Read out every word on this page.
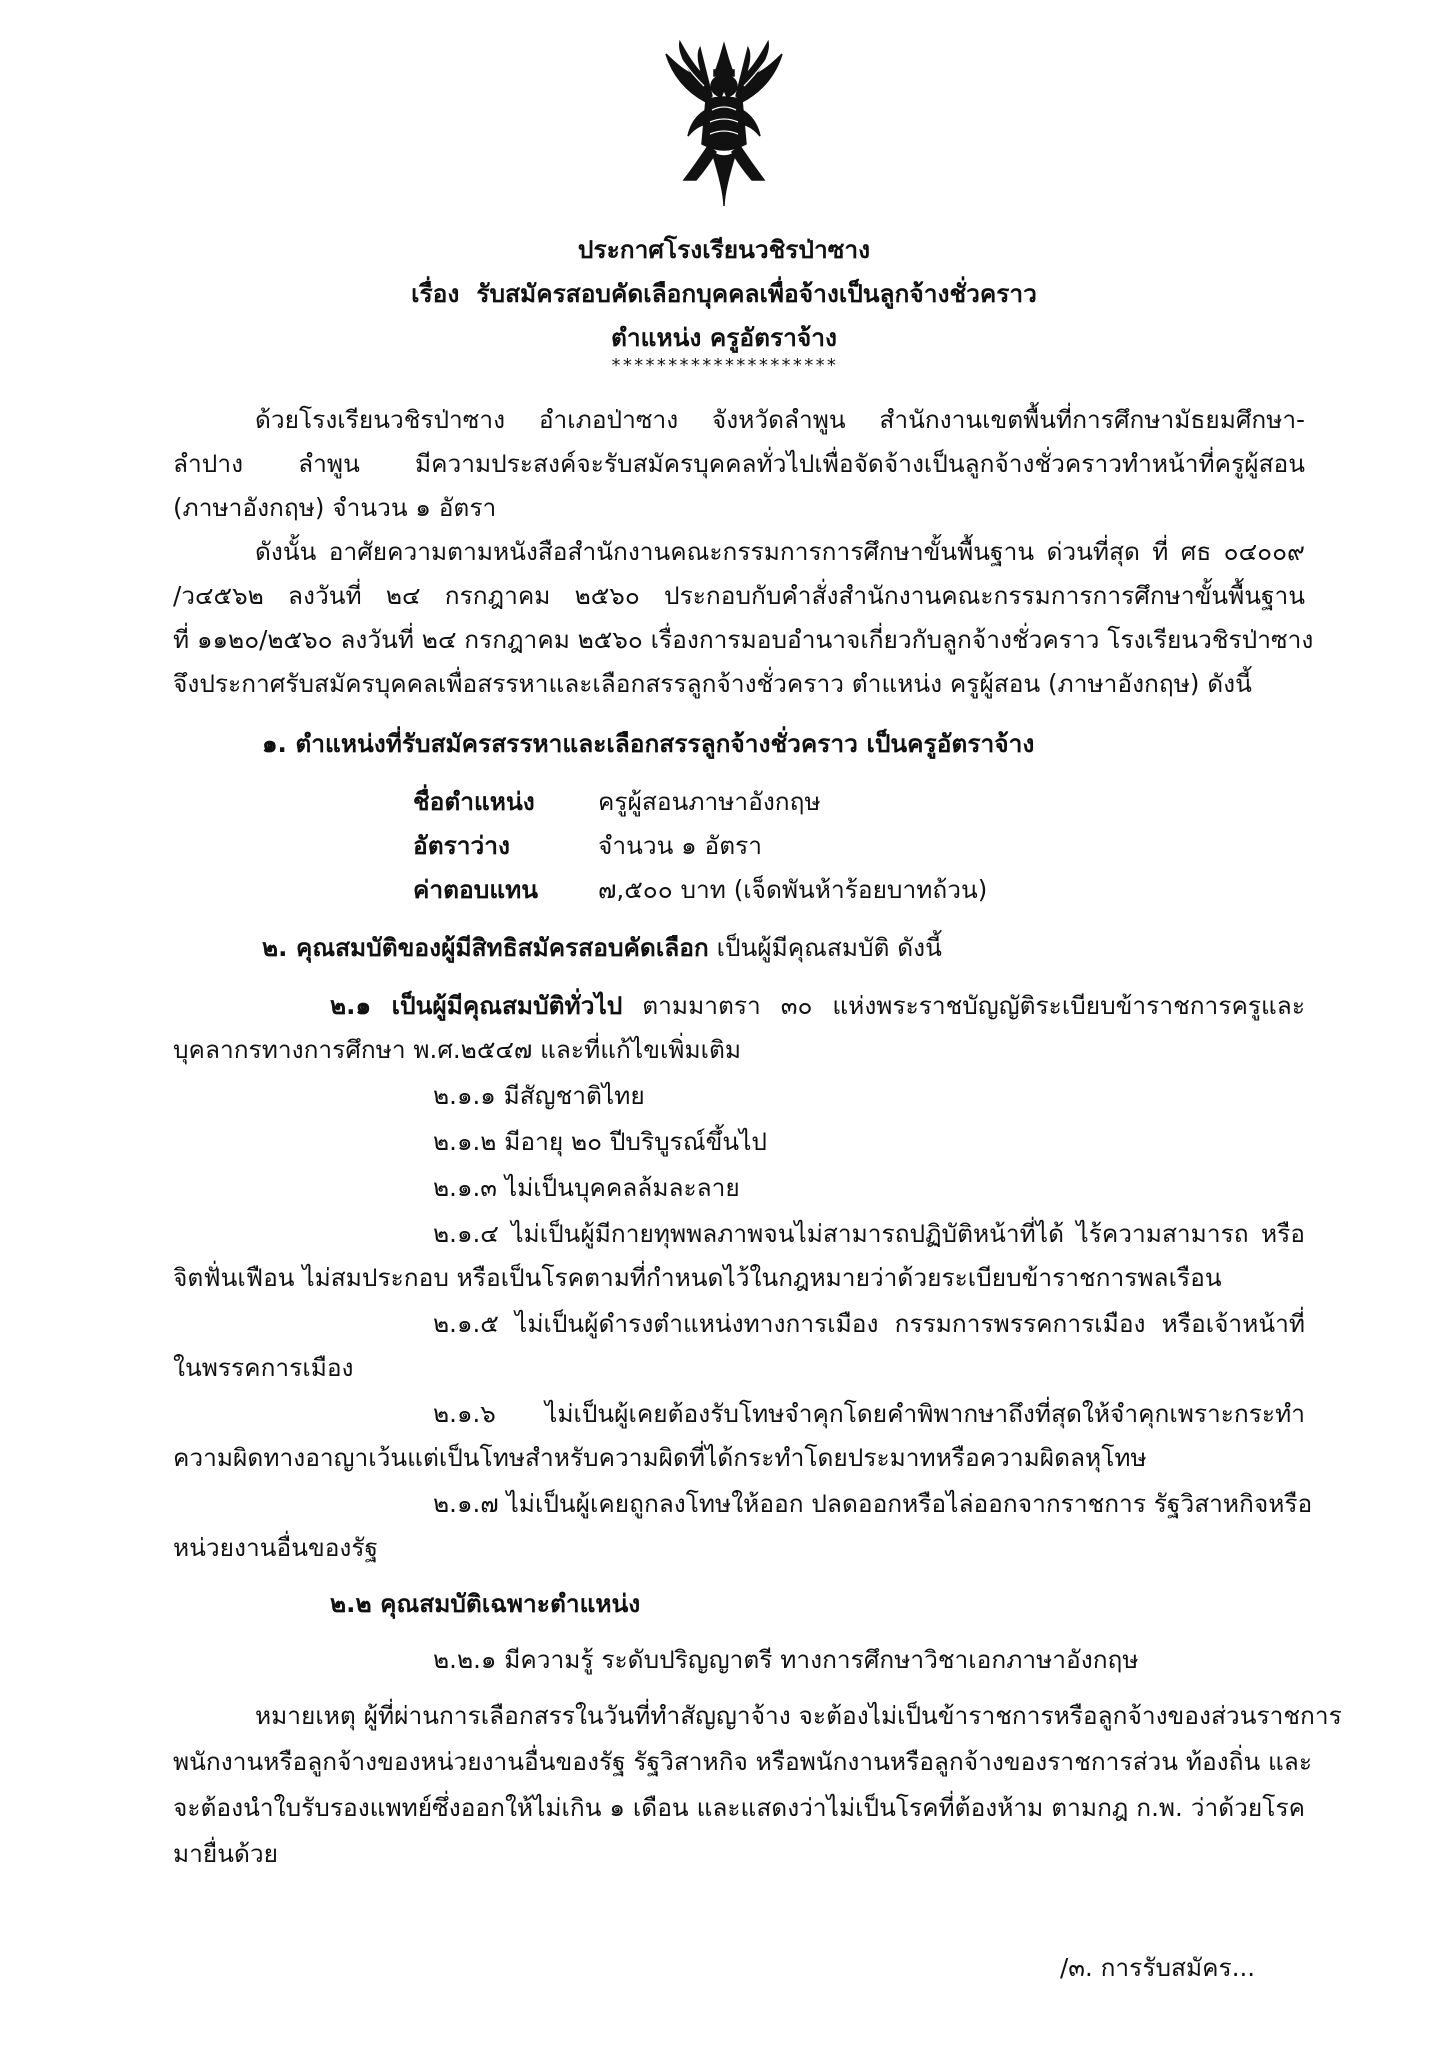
ประกาศโรงเรียนวชิรป่าซาง
เรื่อง รับสมัครสอบคัดเลือกบุคคลเพื่อจ้างเป็นลูกจ้างชั่วคราว
ตำแหน่ง ครูอัตราจ้าง
********************
ด้วยโรงเรียนวชิรป่าซาง อำเภอป่าซาง จังหวัดลำพูน สำนักงานเขตพื้นที่การศึกษามัธยมศึกษา-
ลำปาง ลำพูน มีความประสงค์จะรับสมัครบุคคลทั่วไปเพื่อจัดจ้างเป็นลูกจ้างชั่วคราวทำหน้าที่ครูผู้สอน
(ภาษาอังกฤษ) จำนวน ๑ อัตรา
ดังนั้น อาศัยความตามหนังสือสำนักงานคณะกรรมการการศึกษาขั้นพื้นฐาน ด่วนที่สุด ที่ ศธ ๐๔๐๐๙
/ว๔๕๖๒ ลงวันที่ ๒๔ กรกฎาคม ๒๕๖๐ ประกอบกับคำสั่งสำนักงานคณะกรรมการการศึกษาขั้นพื้นฐาน
ที่ ๑๑๒๐/๒๕๖๐ ลงวันที่ ๒๔ กรกฎาคม ๒๕๖๐ เรื่องการมอบอำนาจเกี่ยวกับลูกจ้างชั่วคราว โรงเรียนวชิรป่าซาง
จึงประกาศรับสมัครบุคคลเพื่อสรรหาและเลือกสรรลูกจ้างชั่วคราว ตำแหน่ง ครูผู้สอน (ภาษาอังกฤษ) ดังนี้
๑. ตำแหน่งที่รับสมัครสรรหาและเลือกสรรลูกจ้างชั่วคราว เป็นครูอัตราจ้าง
ชื่อตำแหน่ง	ครูผู้สอนภาษาอังกฤษ
อัตราว่าง	จำนวน ๑ อัตรา
ค่าตอบแทน ๗,๕๐๐ บาท (เจ็ดพันห้าร้อยบาทถ้วน)
๒. คุณสมบัติของผู้มีสิทธิสมัครสอบคัดเลือก เป็นผู้มีคุณสมบัติ ดังนี้
๒.๑ เป็นผู้มีคุณสมบัติทั่วไป ตามมาตรา ๓๐ แห่งพระราชบัญญัติระเบียบข้าราชการครูและ
บุคลากรทางการศึกษา พ.ศ.๒๕๔๗ และที่แก้ไขเพิ่มเติม
๒.๑.๑ มีสัญชาติไทย
๒.๑.๒ มีอายุ ๒๐ ปีบริบูรณ์ขึ้นไป
๒.๑.๓ ไม่เป็นบุคคลล้มละลาย
๒.๑.๔ ไม่เป็นผู้มีกายทุพพลภาพจนไม่สามารถปฏิบัติหน้าที่ได้ ไร้ความสามารถ หรือ
จิตฟั่นเฟือน ไม่สมประกอบ หรือเป็นโรคตามที่กำหนดไว้ในกฎหมายว่าด้วยระเบียบข้าราชการพลเรือน
๒.๑.๕ ไม่เป็นผู้ดำรงตำแหน่งทางการเมือง กรรมการพรรคการเมือง หรือเจ้าหน้าที่
ในพรรคการเมือง
๒.๑.๖ ไม่เป็นผู้เคยต้องรับโทษจำคุกโดยคำพิพากษาถึงที่สุดให้จำคุกเพราะกระทำ
ความผิดทางอาญาเว้นแต่เป็นโทษสำหรับความผิดที่ได้กระทำโดยประมาทหรือความผิดลหุโทษ
๒.๑.๗ ไม่เป็นผู้เคยถูกลงโทษให้ออก ปลดออกหรือไล่ออกจากราชการ รัฐวิสาหกิจหรือ
หน่วยงานอื่นของรัฐ
๒.๒ คุณสมบัติเฉพาะตำแหน่ง
๒.๒.๑ มีความรู้ ระดับปริญญาตรี ทางการศึกษาวิชาเอกภาษาอังกฤษ
หมายเหตุ ผู้ที่ผ่านการเลือกสรรในวันที่ทำสัญญาจ้าง จะต้องไม่เป็นข้าราชการหรือลูกจ้างของส่วนราชการ
พนักงานหรือลูกจ้างของหน่วยงานอื่นของรัฐ รัฐวิสาหกิจ หรือพนักงานหรือลูกจ้างของราชการส่วน ท้องถิ่น และ
จะต้องนำใบรับรองแพทย์ซึ่งออกให้ไม่เกิน ๑ เดือน และแสดงว่าไม่เป็นโรคที่ต้องห้าม ตามกฎ ก.พ. ว่าด้วยโรค
มายื่นด้วย
/๓. การรับสมัคร...
